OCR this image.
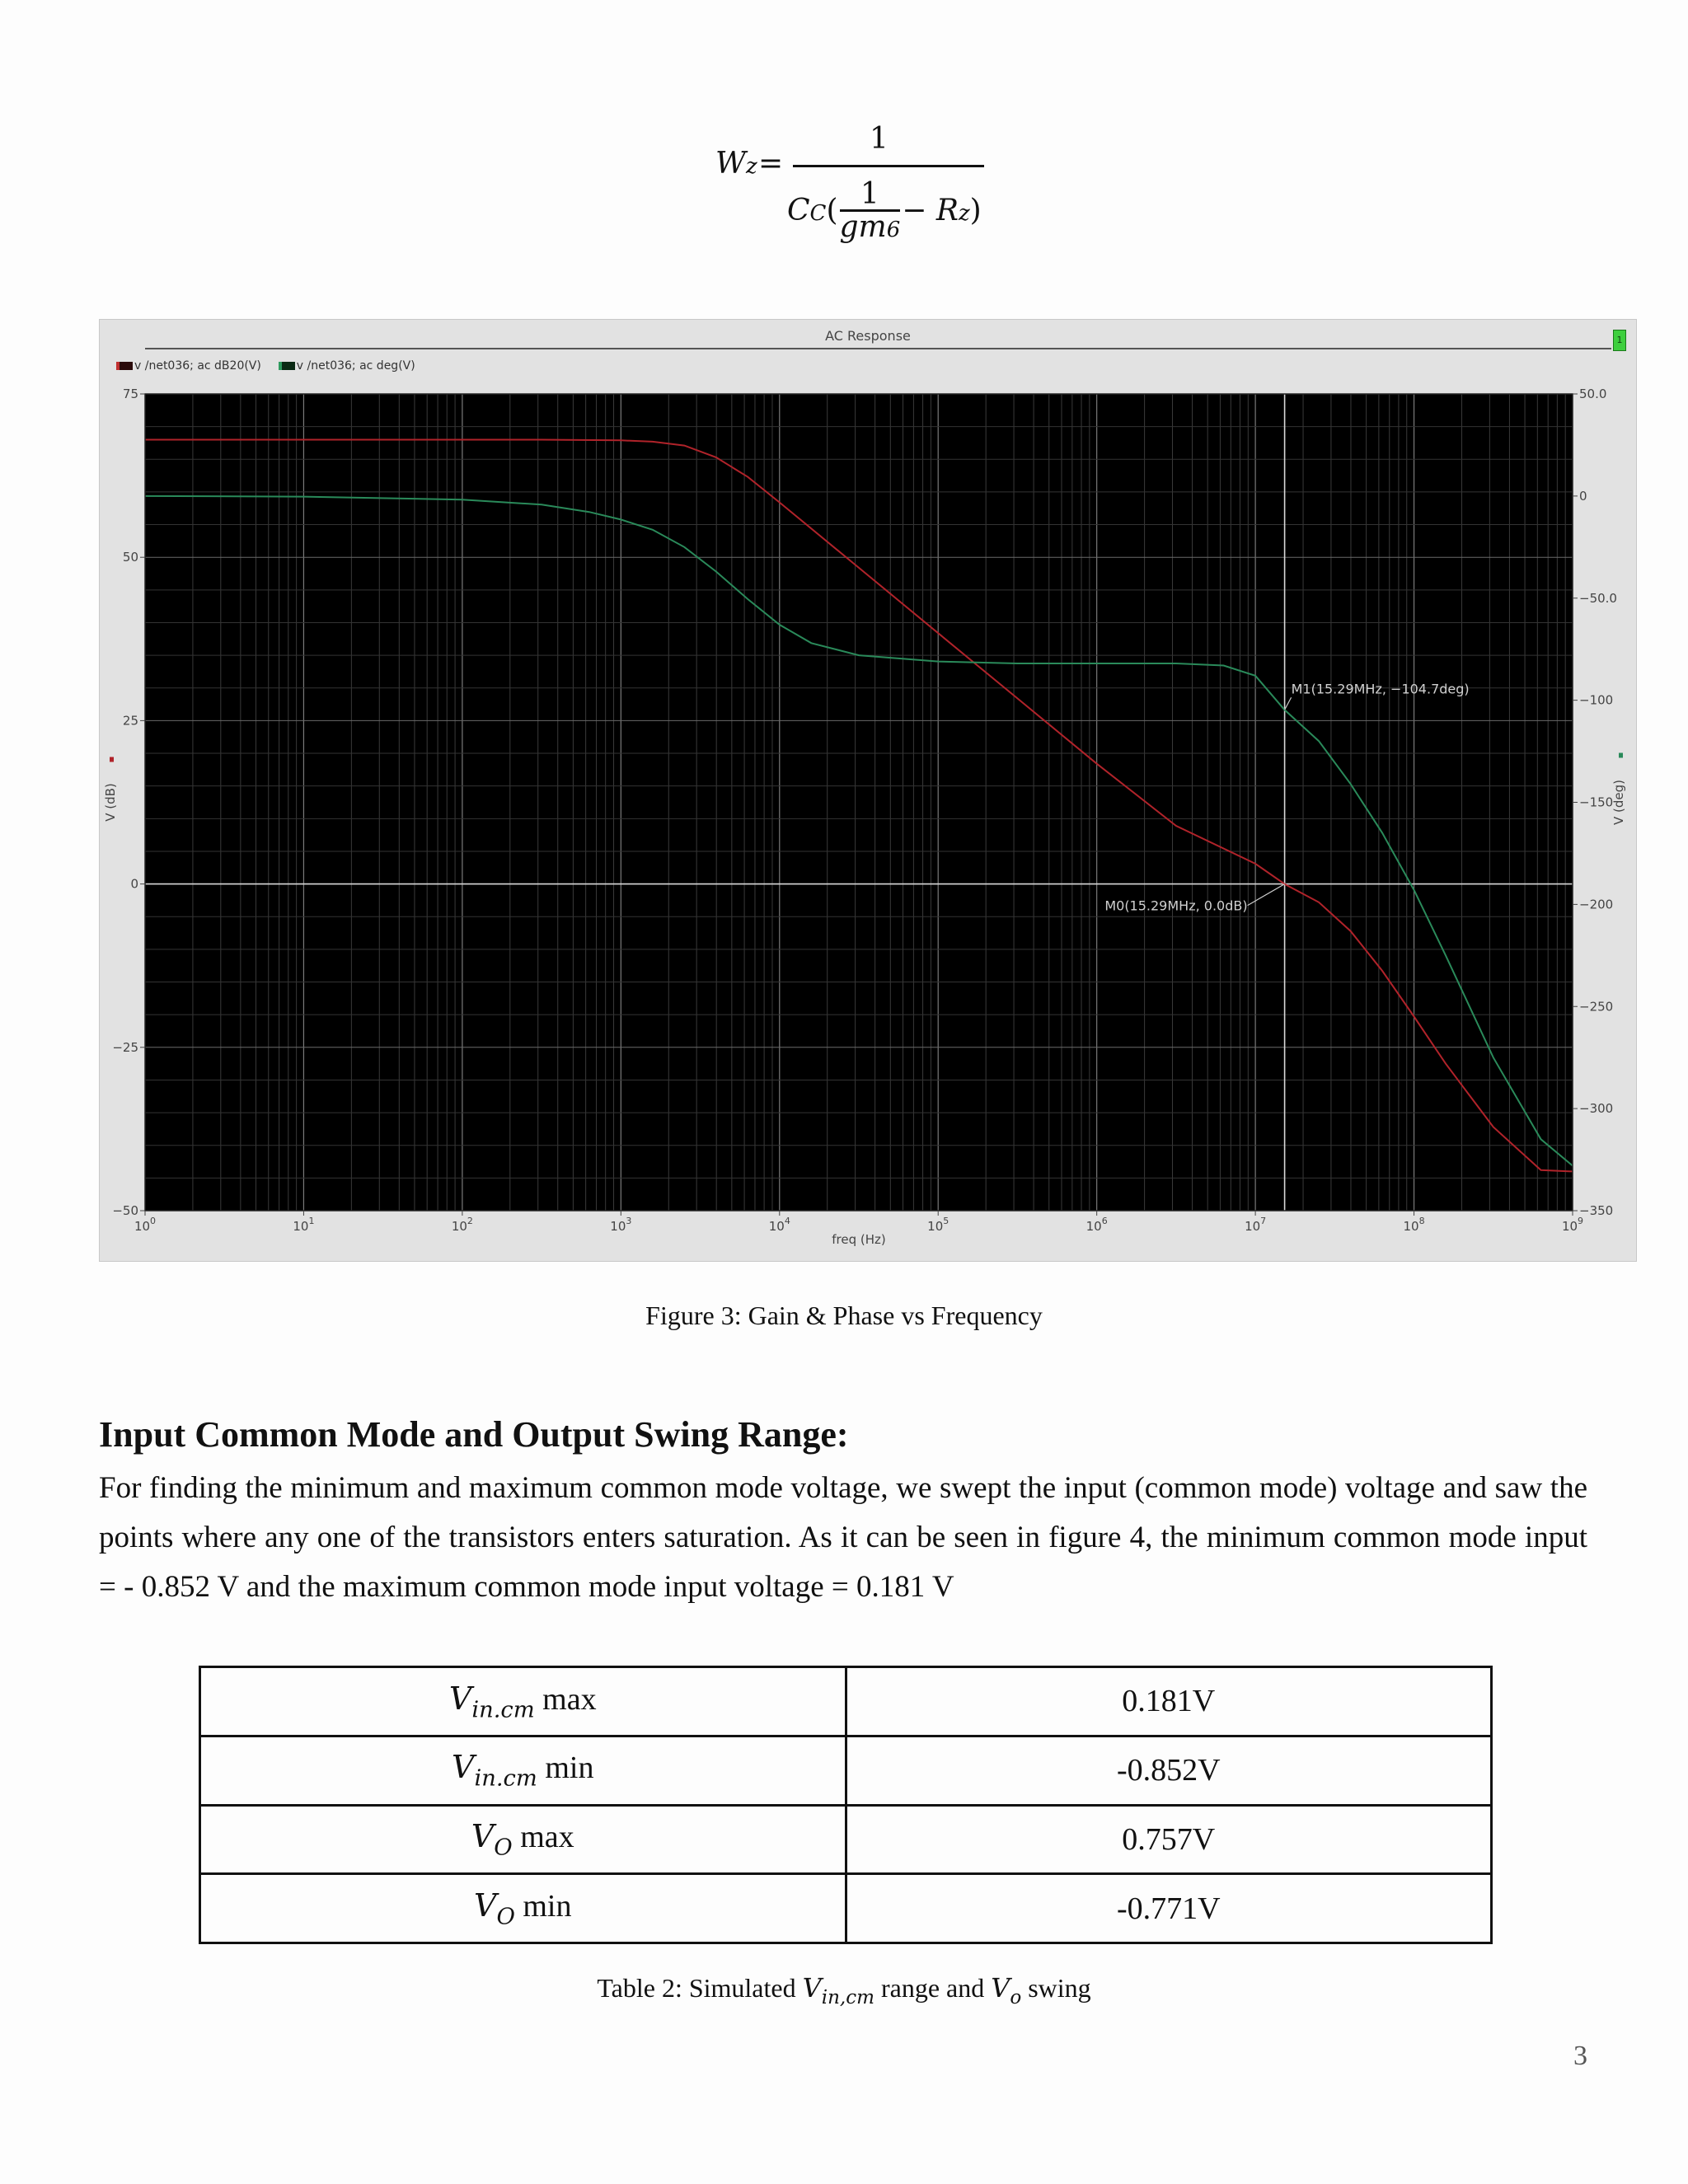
Wz =
1
$CC( \frac{1}{gm6} - Rz)$
AC Response	1
v /net036; ac dB20(V)	v /net036; ac deg(V)
M0(15.29MHz, 0.0dB)
M1(15.29MHz, −104.7deg)
75
50
25
0
−25
−50
50.0
0
−50.0
−100
−150
−200
−250
−300
−350
$10^0$	$10^1$	$10^2$	$10^3$	$10^4$	$10^5$	$10^6$	$10^7$	$10^8$	$10^9$
freq (Hz)
V (dB)	V (deg)
Figure 3: Gain & Phase vs Frequency
Input Common Mode and Output Swing Range:
For finding the minimum and maximum common mode voltage, we swept the input (common mode) voltage and saw the points where any one of the transistors enters saturation. As it can be seen in figure 4, the minimum common mode input = - 0.852 V and the maximum common mode input voltage = 0.181 V
$V_{in.cm}$ max	0.181V
$V_{in.cm}$ min	-0.852V
$V_O$ max	0.757V
$V_O$ min	-0.771V
Table 2: Simulated $V_{in,cm}$ range and $V_o$ swing
3
